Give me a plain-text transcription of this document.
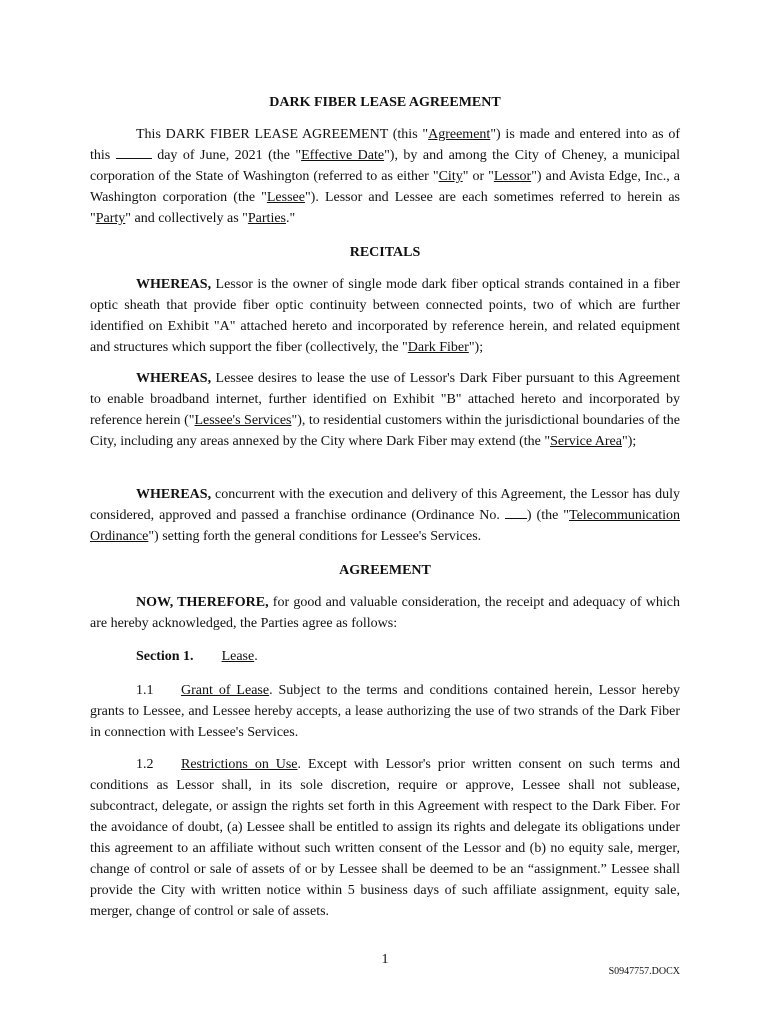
DARK FIBER LEASE AGREEMENT
This DARK FIBER LEASE AGREEMENT (this "Agreement") is made and entered into as of this	day of June, 2021 (the "Effective Date"), by and among the City of Cheney, a municipal corporation of the State of Washington (referred to as either "City" or "Lessor") and Avista Edge, Inc., a Washington corporation (the "Lessee"). Lessor and Lessee are each sometimes referred to herein as "Party" and collectively as "Parties."
RECITALS
WHEREAS, Lessor is the owner of single mode dark fiber optical strands contained in a fiber optic sheath that provide fiber optic continuity between connected points, two of which are further identified on Exhibit "A" attached hereto and incorporated by reference herein, and related equipment and structures which support the fiber (collectively, the "Dark Fiber");
WHEREAS, Lessee desires to lease the use of Lessor's Dark Fiber pursuant to this Agreement to enable broadband internet, further identified on Exhibit "B" attached hereto and incorporated by reference herein ("Lessee's Services"), to residential customers within the jurisdictional boundaries of the City, including any areas annexed by the City where Dark Fiber may extend (the "Service Area");
WHEREAS, concurrent with the execution and delivery of this Agreement, the Lessor has duly considered, approved and passed a franchise ordinance (Ordinance No. ) (the "Telecommunication Ordinance") setting forth the general conditions for Lessee's Services.
AGREEMENT
NOW, THEREFORE, for good and valuable consideration, the receipt and adequacy of which are hereby acknowledged, the Parties agree as follows:
Section 1. Lease.
1.1 Grant of Lease. Subject to the terms and conditions contained herein, Lessor hereby grants to Lessee, and Lessee hereby accepts, a lease authorizing the use of two strands of the Dark Fiber in connection with Lessee's Services.
1.2 Restrictions on Use. Except with Lessor's prior written consent on such terms and conditions as Lessor shall, in its sole discretion, require or approve, Lessee shall not sublease, subcontract, delegate, or assign the rights set forth in this Agreement with respect to the Dark Fiber. For the avoidance of doubt, (a) Lessee shall be entitled to assign its rights and delegate its obligations under this agreement to an affiliate without such written consent of the Lessor and (b) no equity sale, merger, change of control or sale of assets of or by Lessee shall be deemed to be an “assignment.” Lessee shall provide the City with written notice within 5 business days of such affiliate assignment, equity sale, merger, change of control or sale of assets.
1
S0947757.DOCX
